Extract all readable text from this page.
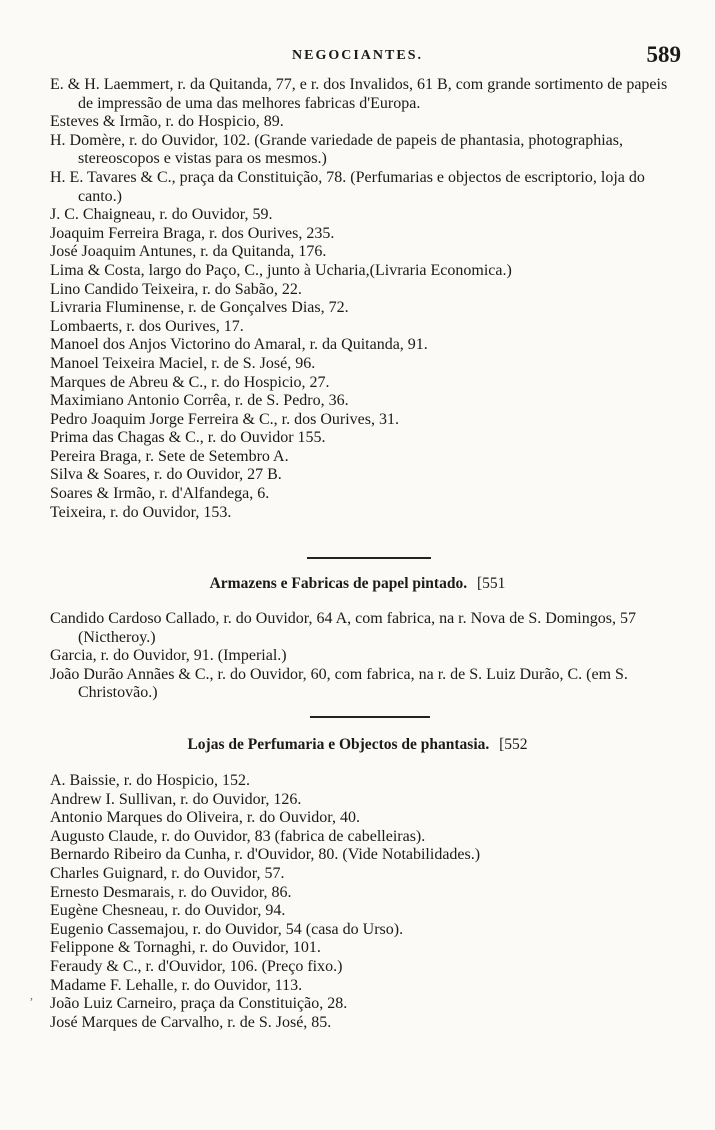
NEGOCIANTES.	589
E. & H. Laemmert, r. da Quitanda, 77, e r. dos Invalidos, 61 B, com grande sortimento de papeis de impressão de uma das melhores fabricas d'Europa.
Esteves & Irmão, r. do Hospicio, 89.
H. Domère, r. do Ouvidor, 102. (Grande variedade de papeis de phantasia, photographias, stereoscopos e vistas para os mesmos.)
H. E. Tavares & C., praça da Constituição, 78. (Perfumarias e objectos de escriptorio, loja do canto.)
J. C. Chaigneau, r. do Ouvidor, 59.
Joaquim Ferreira Braga, r. dos Ourives, 235.
José Joaquim Antunes, r. da Quitanda, 176.
Lima & Costa, largo do Paço, C., junto à Ucharia,(Livraria Economica.)
Lino Candido Teixeira, r. do Sabão, 22.
Livraria Fluminense, r. de Gonçalves Dias, 72.
Lombaerts, r. dos Ourives, 17.
Manoel dos Anjos Victorino do Amaral, r. da Quitanda, 91.
Manoel Teixeira Maciel, r. de S. José, 96.
Marques de Abreu & C., r. do Hospicio, 27.
Maximiano Antonio Corrêa, r. de S. Pedro, 36.
Pedro Joaquim Jorge Ferreira & C., r. dos Ourives, 31.
Prima das Chagas & C., r. do Ouvidor 155.
Pereira Braga, r. Sete de Setembro A.
Silva & Soares, r. do Ouvidor, 27 B.
Soares & Irmão, r. d'Alfandega, 6.
Teixeira, r. do Ouvidor, 153.
Armazens e Fabricas de papel pintado. [551
Candido Cardoso Callado, r. do Ouvidor, 64 A, com fabrica, na r. Nova de S. Domingos, 57 (Nictheroy.)
Garcia, r. do Ouvidor, 91. (Imperial.)
João Durão Annães & C., r. do Ouvidor, 60, com fabrica, na r. de S. Luiz Durão, C. (em S. Christovão.)
Lojas de Perfumaria e Objectos de phantasia. [552
A. Baissie, r. do Hospicio, 152.
Andrew I. Sullivan, r. do Ouvidor, 126.
Antonio Marques do Oliveira, r. do Ouvidor, 40.
Augusto Claude, r. do Ouvidor, 83 (fabrica de cabelleiras).
Bernardo Ribeiro da Cunha, r. d'Ouvidor, 80. (Vide Notabilidades.)
Charles Guignard, r. do Ouvidor, 57.
Ernesto Desmarais, r. do Ouvidor, 86.
Eugène Chesneau, r. do Ouvidor, 94.
Eugenio Cassemajou, r. do Ouvidor, 54 (casa do Urso).
Felippone & Tornaghi, r. do Ouvidor, 101.
Feraudy & C., r. d'Ouvidor, 106. (Preço fixo.)
Madame F. Lehalle, r. do Ouvidor, 113.
João Luiz Carneiro, praça da Constituição, 28.
José Marques de Carvalho, r. de S. José, 85.
,
